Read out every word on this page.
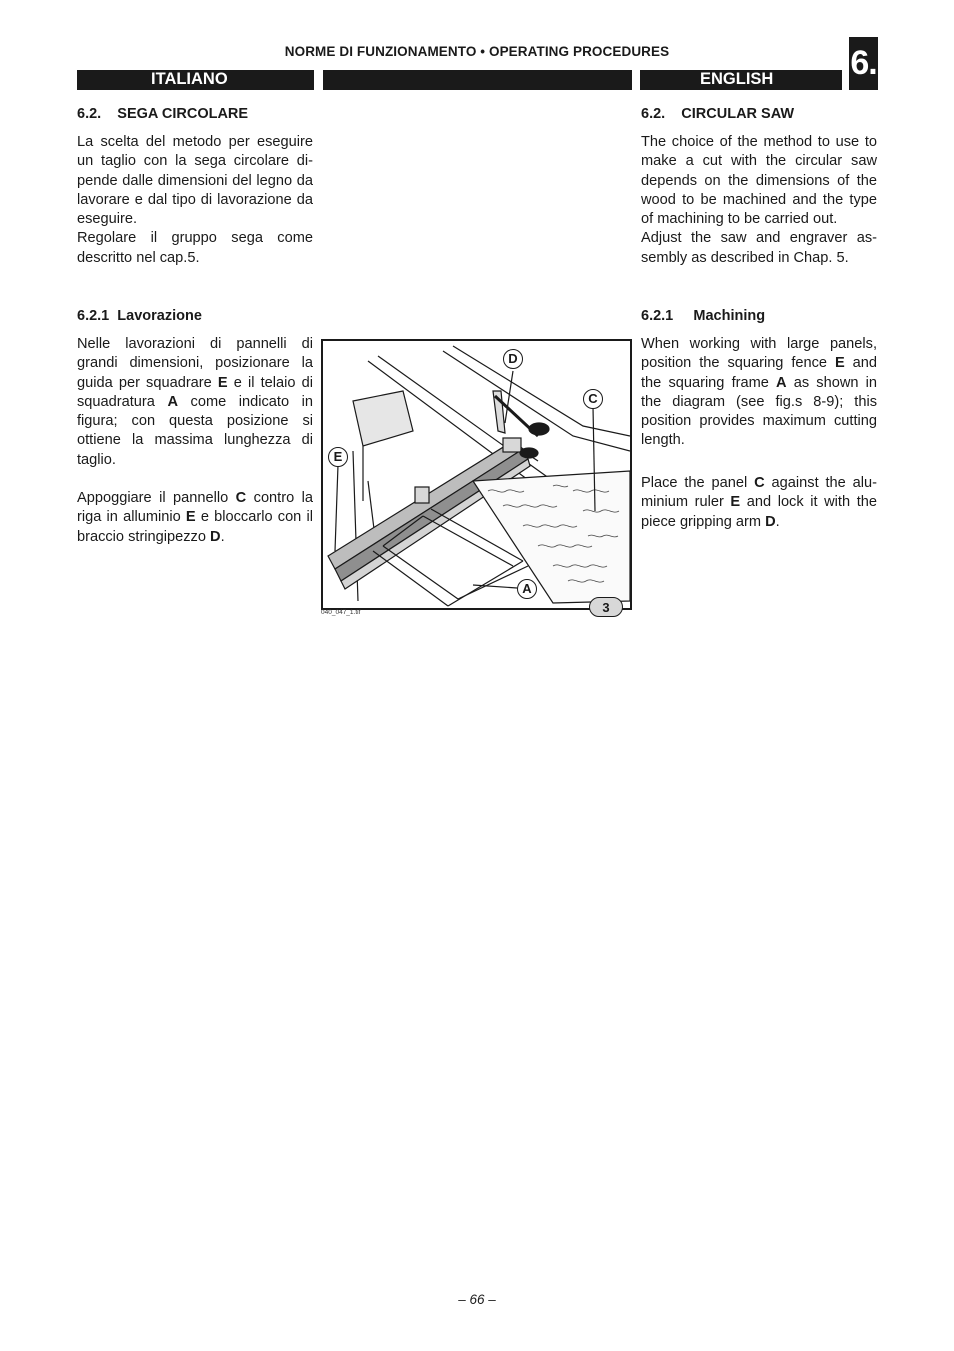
NORME DI FUNZIONAMENTO • OPERATING PROCEDURES
ITALIANO	ENGLISH	6.
6.2.    SEGA CIRCOLARE
La scelta del metodo per eseguire un taglio con la sega circolare di-pende dalle dimensioni del legno da lavorare e dal tipo di lavorazione da eseguire.
Regolare il gruppo sega come descritto nel cap.5.
6.2.1  Lavorazione
Nelle lavorazioni di pannelli di grandi dimensioni, posizionare la guida per squadrare E e il telaio di squadratura A come indicato in figura; con questa posizione si ottiene la massima lunghezza di taglio.
Appoggiare il pannello C contro la riga in alluminio E e bloccarlo con il braccio stringipezzo D.
6.2.    CIRCULAR SAW
The choice of the method to use to make a cut with the circular saw depends on the dimensions of the wood to be machined and the type of machining to be carried out.
Adjust the saw and engraver as-sembly as described in Chap. 5.
6.2.1     Machining
When working with large panels, position the squaring fence E and the squaring frame A as shown in the diagram (see fig.s 8-9); this position provides maximum cutting length.
Place the panel C against the alu-minium ruler E and lock it with the piece gripping arm D.
D
C
E
A
3
040_047_1.tif
– 66 –
